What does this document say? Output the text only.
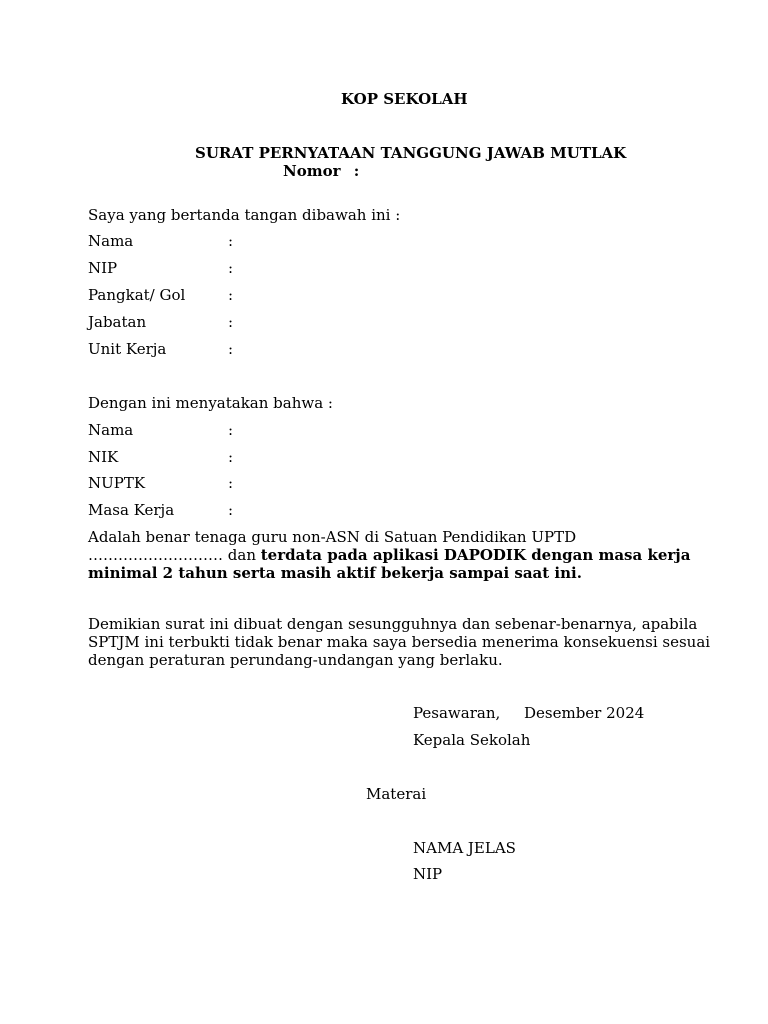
KOP SEKOLAH
SURAT PERNYATAAN TANGGUNG JAWAB MUTLAK
Nomor :
Saya yang bertanda tangan dibawah ini :
Nama	:
NIP	:
Pangkat/ Gol	:
Jabatan	:
Unit Kerja	:
Dengan ini menyatakan bahwa :
Nama	:
NIK	:
NUPTK	:
Masa Kerja	:
Adalah benar tenaga guru non-ASN di Satuan Pendidikan UPTD
……………………… dan terdata pada aplikasi DAPODIK dengan masa kerja
minimal 2 tahun serta masih aktif bekerja sampai saat ini.
Demikian surat ini dibuat dengan sesungguhnya dan sebenar-benarnya, apabila
SPTJM ini terbukti tidak benar maka saya bersedia menerima konsekuensi sesuai
dengan peraturan perundang-undangan yang berlaku.
Pesawaran, Desember 2024
Kepala Sekolah
Materai
NAMA JELAS
NIP
